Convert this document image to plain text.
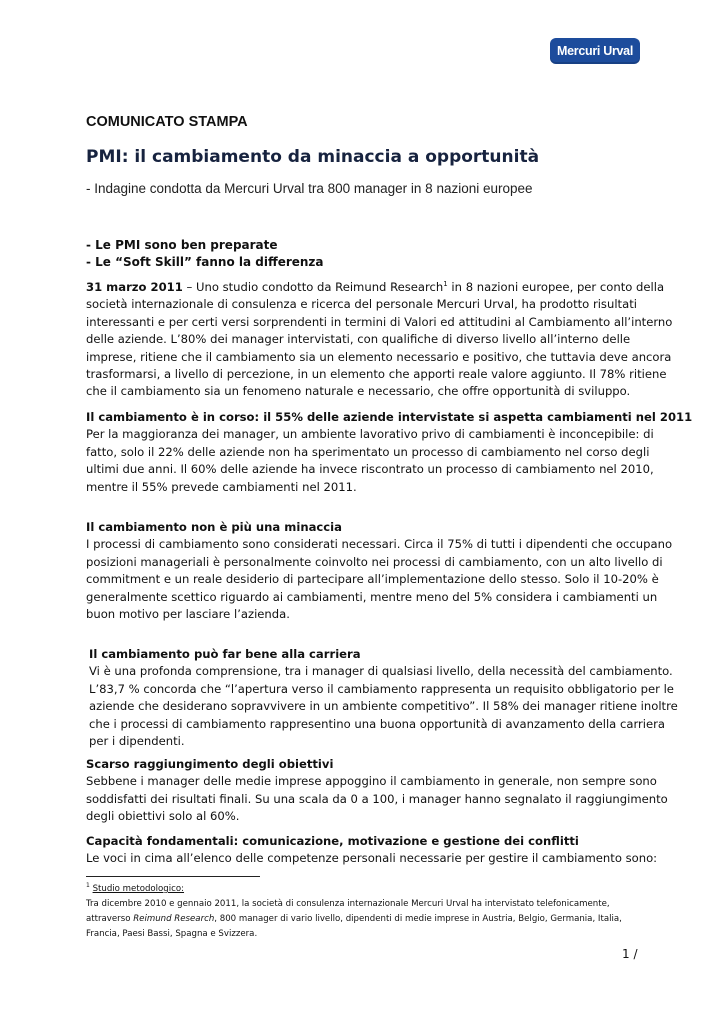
Mercuri Urval
COMUNICATO STAMPA
PMI: il cambiamento da minaccia a opportunità
- Indagine condotta da Mercuri Urval tra 800 manager in 8 nazioni europee
- Le PMI sono ben preparate
- Le “Soft Skill” fanno la differenza
31 marzo 2011 – Uno studio condotto da Reimund Research$^1$ in 8 nazioni europee, per conto della
società internazionale di consulenza e ricerca del personale Mercuri Urval, ha prodotto risultati
interessanti e per certi versi sorprendenti in termini di Valori ed attitudini al Cambiamento all’interno
delle aziende. L’80% dei manager intervistati, con qualifiche di diverso livello all’interno delle
imprese, ritiene che il cambiamento sia un elemento necessario e positivo, che tuttavia deve ancora
trasformarsi, a livello di percezione, in un elemento che apporti reale valore aggiunto. Il 78% ritiene
che il cambiamento sia un fenomeno naturale e necessario, che offre opportunità di sviluppo.
Il cambiamento è in corso: il 55% delle aziende intervistate si aspetta cambiamenti nel 2011
Per la maggioranza dei manager, un ambiente lavorativo privo di cambiamenti è inconcepibile: di
fatto, solo il 22% delle aziende non ha sperimentato un processo di cambiamento nel corso degli
ultimi due anni. Il 60% delle aziende ha invece riscontrato un processo di cambiamento nel 2010,
mentre il 55% prevede cambiamenti nel 2011.
Il cambiamento non è più una minaccia
I processi di cambiamento sono considerati necessari. Circa il 75% di tutti i dipendenti che occupano
posizioni manageriali è personalmente coinvolto nei processi di cambiamento, con un alto livello di
commitment e un reale desiderio di partecipare all’implementazione dello stesso. Solo il 10-20% è
generalmente scettico riguardo ai cambiamenti, mentre meno del 5% considera i cambiamenti un
buon motivo per lasciare l’azienda.
Il cambiamento può far bene alla carriera
Vi è una profonda comprensione, tra i manager di qualsiasi livello, della necessità del cambiamento.
L’83,7 % concorda che “l’apertura verso il cambiamento rappresenta un requisito obbligatorio per le
aziende che desiderano sopravvivere in un ambiente competitivo”. Il 58% dei manager ritiene inoltre
che i processi di cambiamento rappresentino una buona opportunità di avanzamento della carriera
per i dipendenti.
Scarso raggiungimento degli obiettivi
Sebbene i manager delle medie imprese appoggino il cambiamento in generale, non sempre sono
soddisfatti dei risultati finali. Su una scala da 0 a 100, i manager hanno segnalato il raggiungimento
degli obiettivi solo al 60%.
Capacità fondamentali: comunicazione, motivazione e gestione dei conflitti
Le voci in cima all’elenco delle competenze personali necessarie per gestire il cambiamento sono:
$^1$ Studio metodologico:
Tra dicembre 2010 e gennaio 2011, la società di consulenza internazionale Mercuri Urval ha intervistato telefonicamente,
attraverso Reimund Research, 800 manager di vario livello, dipendenti di medie imprese in Austria, Belgio, Germania, Italia,
Francia, Paesi Bassi, Spagna e Svizzera.
1 /
